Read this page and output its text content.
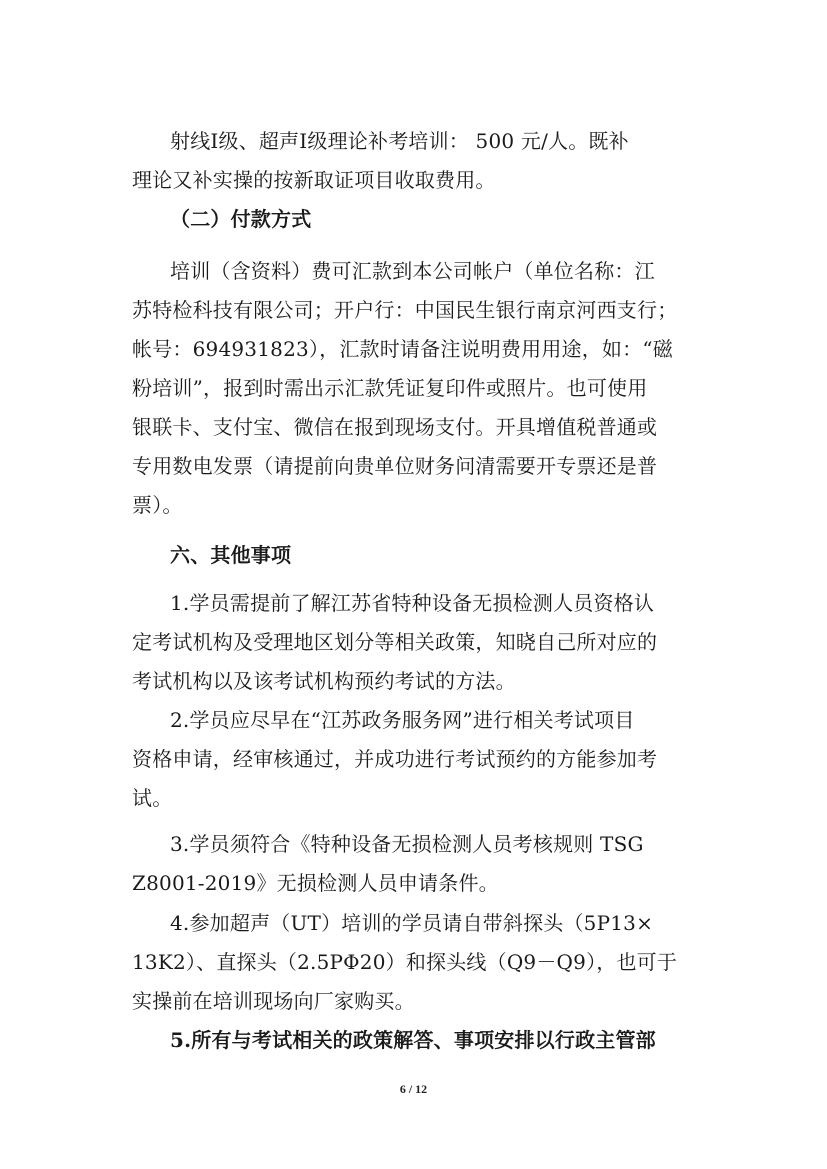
射线Ⅰ级、超声Ⅰ级理论补考培训： 500 元/人。既补
理论又补实操的按新取证项目收取费用。
（二）付款方式
培训（含资料）费可汇款到本公司帐户（单位名称：江
苏特检科技有限公司；开户行：中国民生银行南京河西支行；
帐号：694931823），汇款时请备注说明费用用途，如：“磁
粉培训”，报到时需出示汇款凭证复印件或照片。也可使用
银联卡、支付宝、微信在报到现场支付。开具增值税普通或
专用数电发票（请提前向贵单位财务问清需要开专票还是普
票）。
六、其他事项
1.学员需提前了解江苏省特种设备无损检测人员资格认
定考试机构及受理地区划分等相关政策，知晓自己所对应的
考试机构以及该考试机构预约考试的方法。
2.学员应尽早在“江苏政务服务网”进行相关考试项目
资格申请，经审核通过，并成功进行考试预约的方能参加考
试。
3.学员须符合《特种设备无损检测人员考核规则 TSG
Z8001-2019》无损检测人员申请条件。
4.参加超声（UT）培训的学员请自带斜探头（5P13×
13K2）、直探头（2.5PΦ20）和探头线（Q9－Q9），也可于
实操前在培训现场向厂家购买。
5.所有与考试相关的政策解答、事项安排以行政主管部
6 / 12
